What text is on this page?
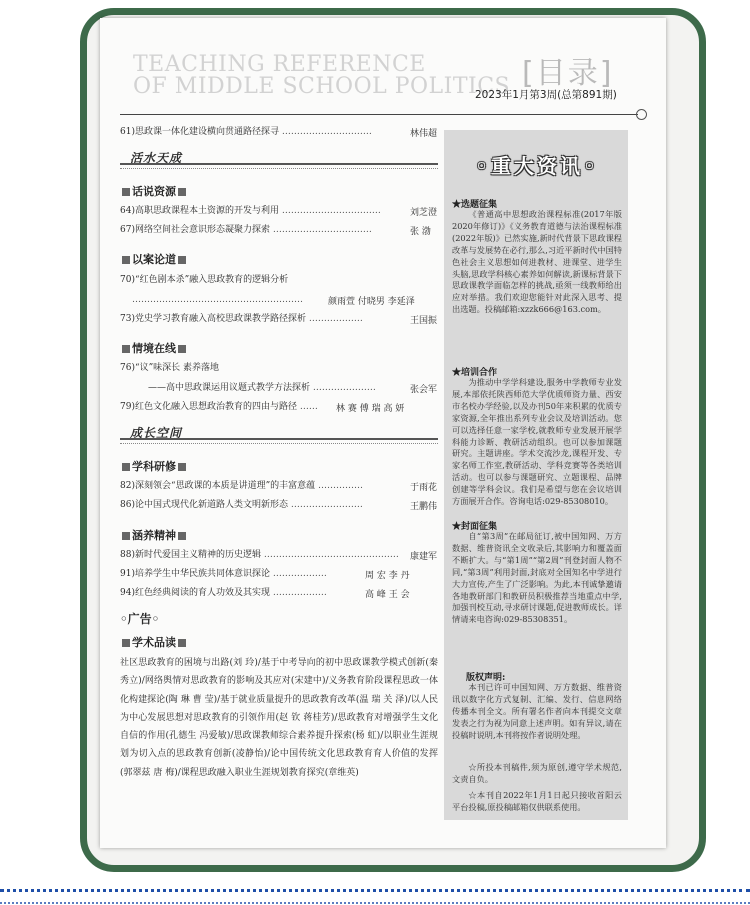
TEACHING REFERENCE
OF MIDDLE SCHOOL POLITICS [目录]
2023年1月第3周(总第891期)
61)思政课一体化建设横向贯通路径探寻 …………………………	林伟超
活水天成
话说资源
64)高职思政课程本土资源的开发与利用 ……………………………	刘芝澄
67)网络空间社会意识形态凝聚力探索 ……………………………	张 渤
以案论道
70)“红色剧本杀”融入思政教育的逻辑分析
…………………………………………………	颜雨萱 付晓男 李延泽
73)党史学习教育融入高校思政课教学路径探析 ………………	王国振
情境在线
76)“议”味深长 素养落地
——高中思政课运用议题式教学方法探析 …………………	张会军
79)红色文化融入思想政治教育的四由与路径 …… 林 赛 傅 瑞 高 妍
成长空间
学科研修
82)深刻领会“思政课的本质是讲道理”的丰富意蕴 ……………	于雨花
86)论中国式现代化新道路人类文明新形态 ……………………	王鹏伟
涵养精神
88)新时代爱国主义精神的历史逻辑 ……………………………………… 康建军
91)培养学生中华民族共同体意识探论 ………………	周 宏 李 丹
94)红色经典阅读的育人功效及其实现 ………………	高 峰 王 会
◦广告◦
学术品读
社区思政教育的困境与出路(刘 玲)/基于中考导向的初中思政课教学模式创新(秦秀立)/网络舆情对思政教育的影响及其应对(宋建中)/义务教育阶段课程思政一体化构建探论(陶 琳 曹 莹)/基于就业质量提升的思政教育改革(温 瑞 关 泽)/以人民为中心发展思想对思政教育的引领作用(赵 钦 蒋桂芳)/思政教育对增强学生文化自信的作用(孔德生 冯爱敏)/思政课教师综合素养提升探索(杨 虹)/以职业生涯规划为切入点的思政教育创新(凌静怡)/论中国传统文化思政教育育人价值的发挥(郭翠兹 唐 梅)/课程思政融入职业生涯规划教育探究(章维英)
◦重大资讯◦
★选题征集
《普通高中思想政治课程标准(2017年版2020年修订)》《义务教育道德与法治课程标准(2022年版)》已然实施,新时代背景下思政课程改革与发展势在必行,那么,习近平新时代中国特色社会主义思想如何进教材、进课堂、进学生头脑,思政学科核心素养如何解读,新课标背景下思政课教学面临怎样的挑战,亟须一线教师给出应对举措。我们欢迎您能针对此深入思考、提出选题。投稿邮箱:xzzk666@163.com。
★培训合作
为推动中学学科建设,服务中学教师专业发展,本部依托陕西师范大学优质师资力量、西安市名校办学经验,以及办刊50年来积累的优质专家资源,全年推出系列专业会议及培训活动。您可以选择任意一家学校,就教师专业发展开展学科能力诊断、教研活动组织。也可以参加课题研究。主题讲座。学术交流沙龙,课程开发、专家名师工作室,教研活动、学科竞赛等各类培训活动。也可以参与课题研究、立题课程、品牌创建等学科会议。我们是希望与您在会议培训方面展开合作。咨询电话:029-85308010。
★封面征集
自“第3周”在邮局征订,被中国知网、万方数据、维普资讯全文收录后,其影响力和覆盖面不断扩大。与“第1周”“第2周”刊登封面人物不同,“第3周”利用封面,封底对全国知名中学进行大力宣传,产生了广泛影响。为此,本刊诚挚邀请各地教研部门和教研员积极推荐当地重点中学,加强刊校互动,寻求研讨课题,促进教师成长。详情请来电咨询:029-85308351。
版权声明:
本刊已许可中国知网、万方数据、维普资讯以数字化方式复制、汇编、发行、信息网络传播本刊全文。所有署名作者向本刊提交文章发表之行为视为同意上述声明。如有异议,请在投稿时说明,本刊将按作者说明处理。
☆所投本刊稿件,须为原创,遵守学术规范,文责自负。
☆本刊自2022年1月1日起只接收首阳云平台投稿,原投稿邮箱仅供联系使用。
